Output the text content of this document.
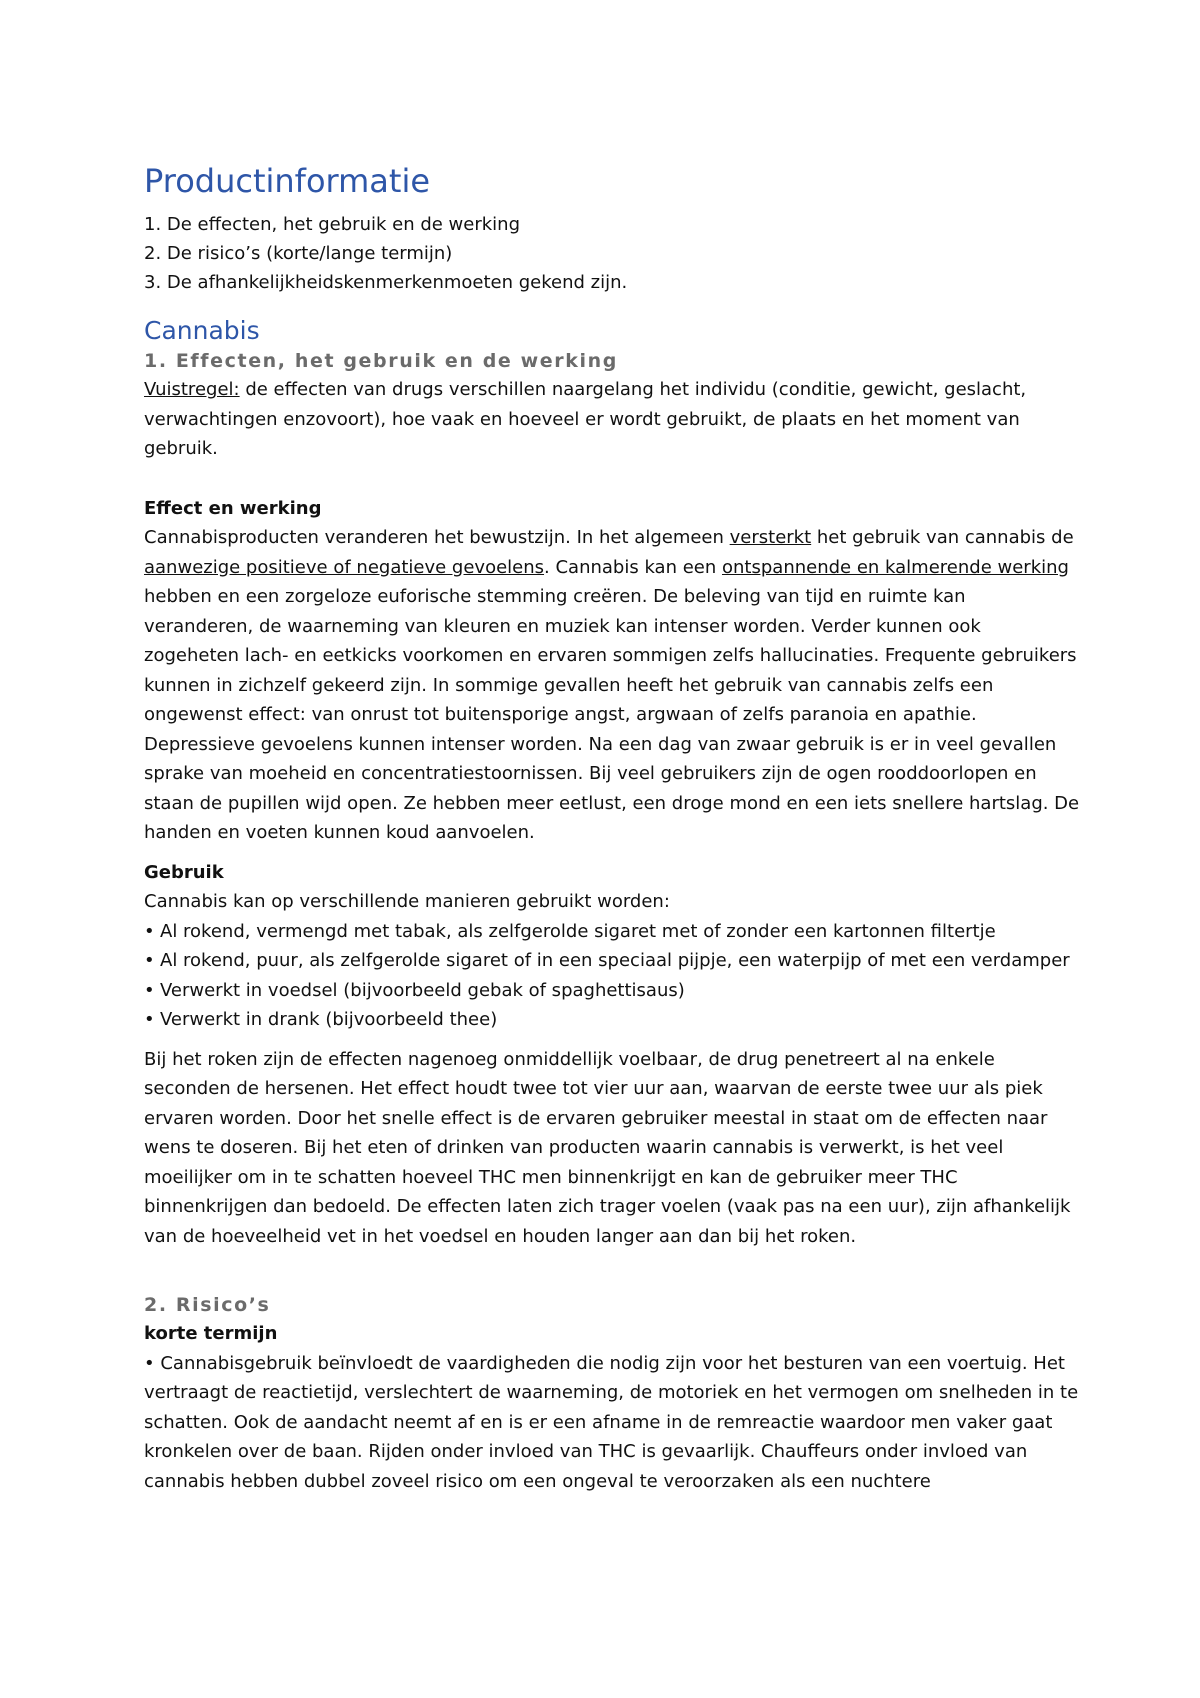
Productinformatie
1. De effecten, het gebruik en de werking
2. De risico’s (korte/lange termijn)
3. De afhankelijkheidskenmerkenmoeten gekend zijn.
Cannabis
1. Effecten, het gebruik en de werking

Vuistregel: de effecten van drugs verschillen naargelang het individu (conditie, gewicht, geslacht, verwachtingen enzovoort), hoe vaak en hoeveel er wordt gebruikt, de plaats en het moment van gebruik.

Effect en werking

Cannabisproducten veranderen het bewustzijn. In het algemeen versterkt het gebruik van cannabis de aanwezige positieve of negatieve gevoelens. Cannabis kan een ontspannende en kalmerende werking hebben en een zorgeloze euforische stemming creëren. De beleving van tijd en ruimte kan veranderen, de waarneming van kleuren en muziek kan intenser worden. Verder kunnen ook zogeheten lach- en eetkicks voorkomen en ervaren sommigen zelfs hallucinaties. Frequente gebruikers kunnen in zichzelf gekeerd zijn. In sommige gevallen heeft het gebruik van cannabis zelfs een ongewenst effect: van onrust tot buitensporige angst, argwaan of zelfs paranoia en apathie. Depressieve gevoelens kunnen intenser worden. Na een dag van zwaar gebruik is er in veel gevallen sprake van moeheid en concentratiestoornissen. Bij veel gebruikers zijn de ogen rooddoorlopen en staan de pupillen wijd open. Ze hebben meer eetlust, een droge mond en een iets snellere hartslag. De handen en voeten kunnen koud aanvoelen.

Gebruik

Cannabis kan op verschillende manieren gebruikt worden:

• Al rokend, vermengd met tabak, als zelfgerolde sigaret met of zonder een kartonnen filtertje
• Al rokend, puur, als zelfgerolde sigaret of in een speciaal pijpje, een waterpijp of met een verdamper
• Verwerkt in voedsel (bijvoorbeeld gebak of spaghettisaus)
• Verwerkt in drank (bijvoorbeeld thee)

Bij het roken zijn de effecten nagenoeg onmiddellijk voelbaar, de drug penetreert al na enkele seconden de hersenen. Het effect houdt twee tot vier uur aan, waarvan de eerste twee uur als piek ervaren worden. Door het snelle effect is de ervaren gebruiker meestal in staat om de effecten naar wens te doseren. Bij het eten of drinken van producten waarin cannabis is verwerkt, is het veel moeilijker om in te schatten hoeveel THC men binnenkrijgt en kan de gebruiker meer THC binnenkrijgen dan bedoeld. De effecten laten zich trager voelen (vaak pas na een uur), zijn afhankelijk van de hoeveelheid vet in het voedsel en houden langer aan dan bij het roken.

2. Risico’s

korte termijn

• Cannabisgebruik beïnvloedt de vaardigheden die nodig zijn voor het besturen van een voertuig. Het vertraagt de reactietijd, verslechtert de waarneming, de motoriek en het vermogen om snelheden in te schatten. Ook de aandacht neemt af en is er een afname in de remreactie waardoor men vaker gaat kronkelen over de baan. Rijden onder invloed van THC is gevaarlijk. Chauffeurs onder invloed van cannabis hebben dubbel zoveel risico om een ongeval te veroorzaken als een nuchtere
